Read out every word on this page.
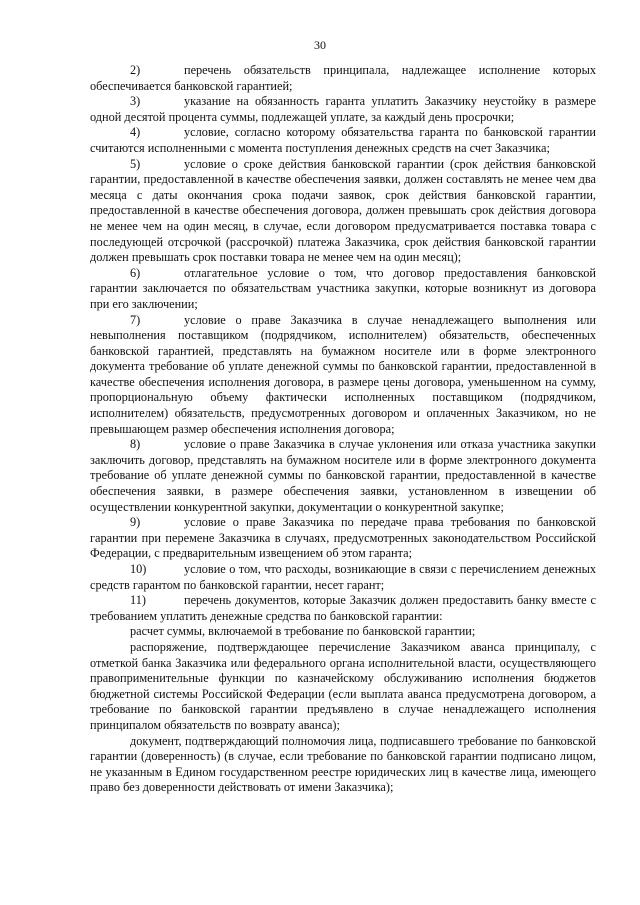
30

2)	перечень обязательств принципала, надлежащее исполнение которых обеспечивается банковской гарантией;

3)	указание на обязанность гаранта уплатить Заказчику неустойку в размере одной десятой процента суммы, подлежащей уплате, за каждый день просрочки;

4)	условие, согласно которому обязательства гаранта по банковской гарантии считаются исполненными с момента поступления денежных средств на счет Заказчика;

5)	условие о сроке действия банковской гарантии (срок действия банковской гарантии, предоставленной в качестве обеспечения заявки, должен составлять не менее чем два месяца с даты окончания срока подачи заявок, срок действия банковской гарантии, предоставленной в качестве обеспечения договора, должен превышать срок действия договора не менее чем на один месяц, в случае, если договором предусматривается поставка товара с последующей отсрочкой (рассрочкой) платежа Заказчика, срок действия банковской гарантии должен превышать срок поставки товара не менее чем на один месяц);

6)	отлагательное условие о том, что договор предоставления банковской гарантии заключается по обязательствам участника закупки, которые возникнут из договора при его заключении;

7)	условие о праве Заказчика в случае ненадлежащего выполнения или невыполнения поставщиком (подрядчиком, исполнителем) обязательств, обеспеченных банковской гарантией, представлять на бумажном носителе или в форме электронного документа требование об уплате денежной суммы по банковской гарантии, предоставленной в качестве обеспечения исполнения договора, в размере цены договора, уменьшенном на сумму, пропорциональную объему фактически исполненных поставщиком (подрядчиком, исполнителем) обязательств, предусмотренных договором и оплаченных Заказчиком, но не превышающем размер обеспечения исполнения договора;

8)	условие о праве Заказчика в случае уклонения или отказа участника закупки заключить договор, представлять на бумажном носителе или в форме электронного документа требование об уплате денежной суммы по банковской гарантии, предоставленной в качестве обеспечения заявки, в размере обеспечения заявки, установленном в извещении об осуществлении конкурентной закупки, документации о конкурентной закупке;

9)	условие о праве Заказчика по передаче права требования по банковской гарантии при перемене Заказчика в случаях, предусмотренных законодательством Российской Федерации, с предварительным извещением об этом гаранта;

10)	условие о том, что расходы, возникающие в связи с перечислением денежных средств гарантом по банковской гарантии, несет гарант;

11)	перечень документов, которые Заказчик должен предоставить банку вместе с требованием уплатить денежные средства по банковской гарантии:

расчет суммы, включаемой в требование по банковской гарантии;

распоряжение, подтверждающее перечисление Заказчиком аванса принципалу, с отметкой банка Заказчика или федерального органа исполнительной власти, осуществляющего правоприменительные функции по казначейскому обслуживанию исполнения бюджетов бюджетной системы Российской Федерации (если выплата аванса предусмотрена договором, а требование по банковской гарантии предъявлено в случае ненадлежащего исполнения принципалом обязательств по возврату аванса);

документ, подтверждающий полномочия лица, подписавшего требование по банковской гарантии (доверенность) (в случае, если требование по банковской гарантии подписано лицом, не указанным в Едином государственном реестре юридических лиц в качестве лица, имеющего право без доверенности действовать от имени Заказчика);
